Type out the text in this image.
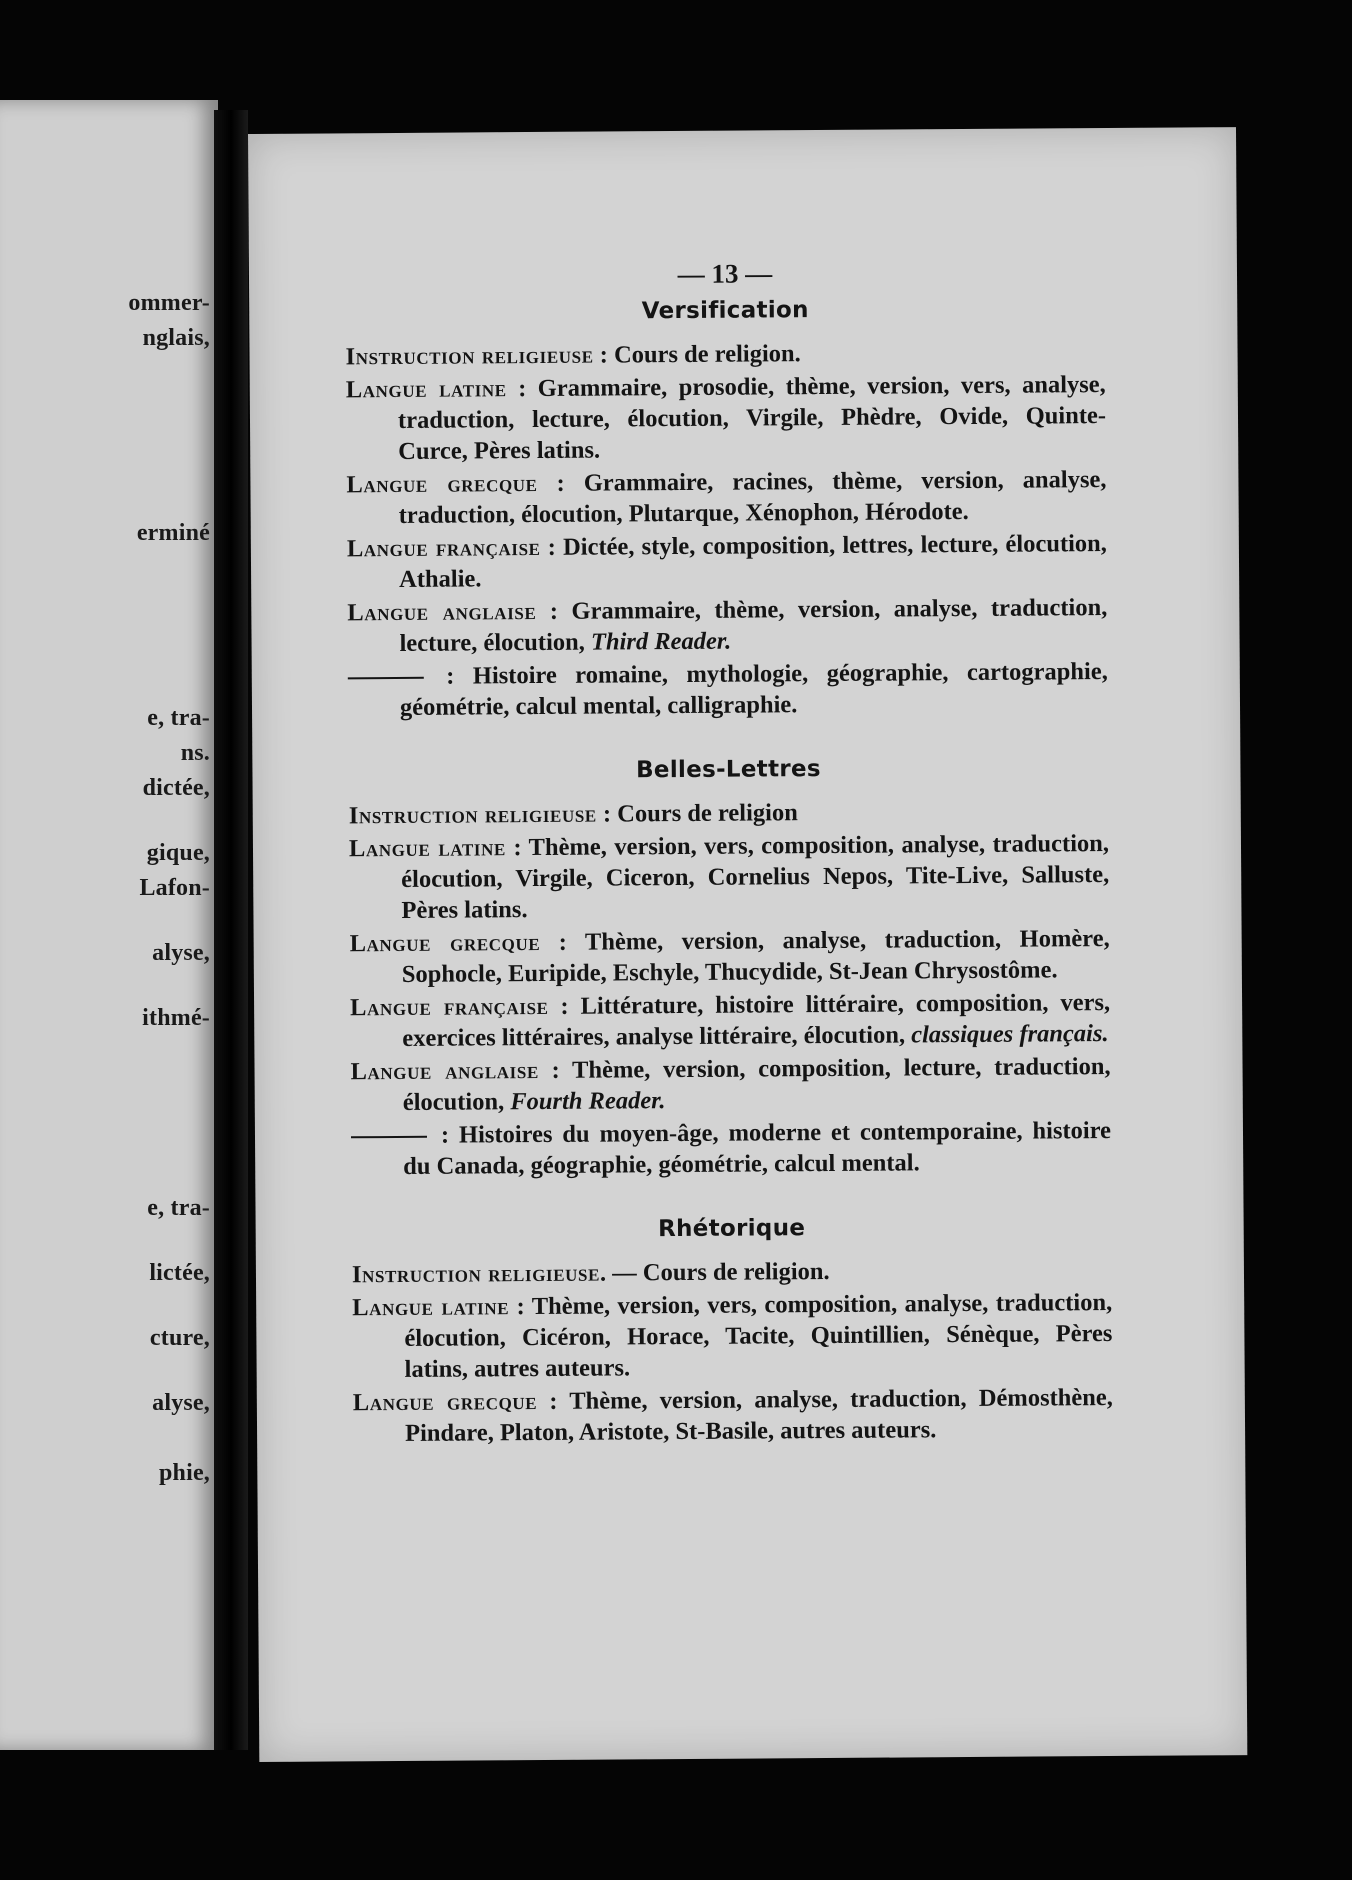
ommer-
nglais,
erminé
e, tra-
ns.
dictée,
gique,
Lafon-
alyse,
ithmé-
e, tra-
lictée,
cture,
alyse,
phie,
— 13 —
Versification
Instruction religieuse : Cours de religion.
Langue latine : Grammaire, prosodie, thème, version, vers, analyse, traduction, lecture, élocution, Virgile, Phèdre, Ovide, Quinte-Curce, Pères latins.
Langue grecque : Grammaire, racines, thème, version, analyse, traduction, élocution, Plutarque, Xénophon, Hérodote.
Langue française : Dictée, style, composition, lettres, lecture, élocution, Athalie.
Langue anglaise : Grammaire, thème, version, analyse, traduction, lecture, élocution, Third Reader.
: Histoire romaine, mythologie, géographie, cartographie, géométrie, calcul mental, calligraphie.
Belles-Lettres
Instruction religieuse : Cours de religion
Langue latine : Thème, version, vers, composition, analyse, traduction, élocution, Virgile, Ciceron, Cornelius Nepos, Tite-Live, Salluste, Pères latins.
Langue grecque : Thème, version, analyse, traduction, Homère, Sophocle, Euripide, Eschyle, Thucydide, St-Jean Chrysostôme.
Langue française : Littérature, histoire littéraire, composition, vers, exercices littéraires, analyse littéraire, élocution, classiques français.
Langue anglaise : Thème, version, composition, lecture, traduction, élocution, Fourth Reader.
: Histoires du moyen-âge, moderne et contemporaine, histoire du Canada, géographie, géométrie, calcul mental.
Rhétorique
Instruction religieuse. — Cours de religion.
Langue latine : Thème, version, vers, composition, analyse, traduction, élocution, Cicéron, Horace, Tacite, Quintillien, Sénèque, Pères latins, autres auteurs.
Langue grecque : Thème, version, analyse, traduction, Démosthène, Pindare, Platon, Aristote, St-Basile, autres auteurs.
